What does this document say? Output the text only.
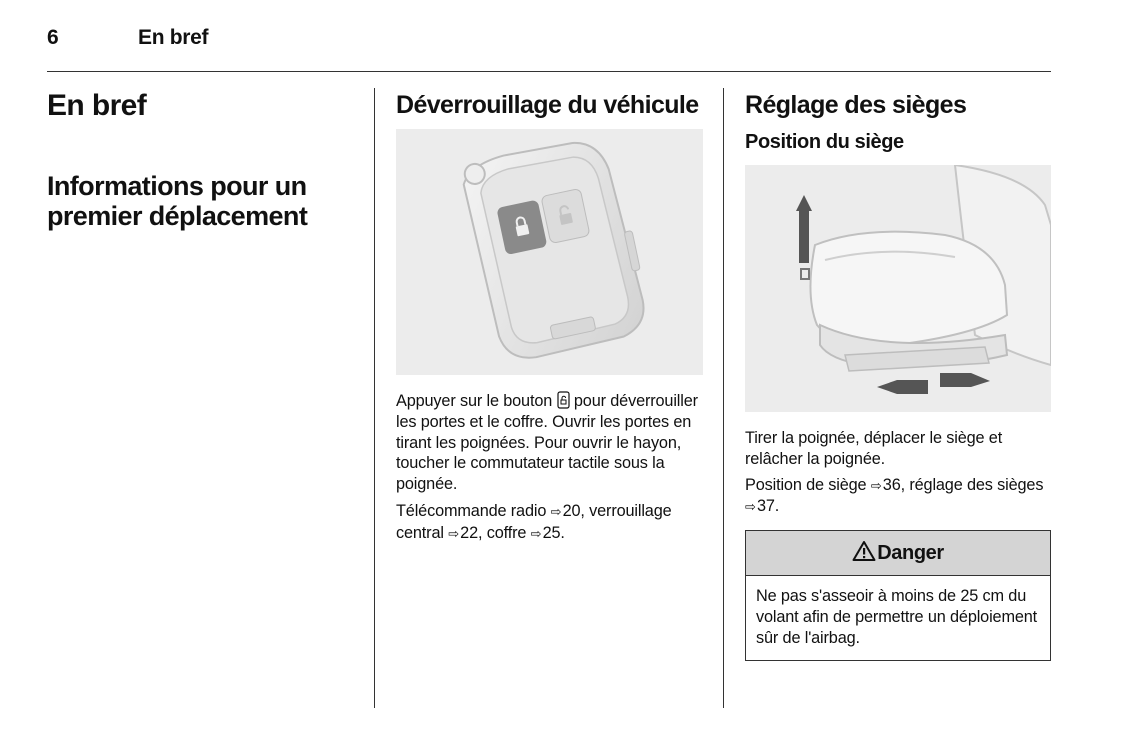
6	En bref
En bref
Informations pour un premier déplacement
Déverrouillage du véhicule

Appuyer sur le bouton  pour déverrouiller les portes et le coffre. Ouvrir les portes en tirant les poignées. Pour ouvrir le hayon, toucher le commutateur tactile sous la poignée.

Télécommande radio ⇨ 20, verrouillage central ⇨ 22, coffre ⇨ 25.

Réglage des sièges
Position du siège

Tirer la poignée, déplacer le siège et relâcher la poignée.

Position de siège ⇨ 36, réglage des sièges ⇨ 37.

Danger
Ne pas s'asseoir à moins de 25 cm du volant afin de permettre un déploiement sûr de l'airbag.
